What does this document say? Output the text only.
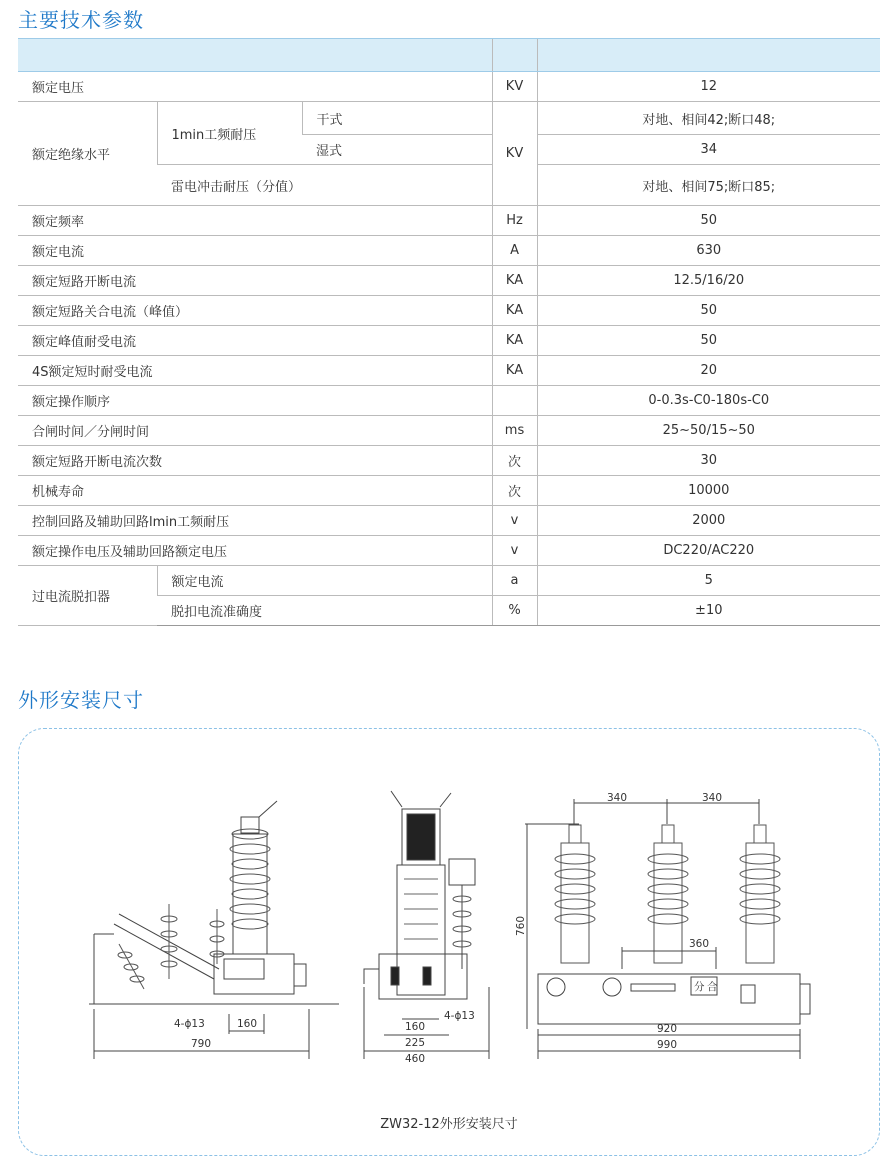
主要技术参数

额定电压			KV	12
额定绝缘水平	1min工频耐压	干式	KV	对地、相间42;断口48;
		湿式		34
	雷电冲击耐压（分值）			对地、相间75;断口85;
额定频率			Hz	50
额定电流			A	630
额定短路开断电流			KA	12.5/16/20
额定短路关合电流（峰值）			KA	50
额定峰值耐受电流			KA	50
4S额定短时耐受电流			KA	20
额定操作顺序				0-0.3s-C0-180s-C0
合闸时间／分闸时间			ms	25~50/15~50
额定短路开断电流次数			次	30
机械寿命			次	10000
控制回路及辅助回路lmin工频耐压			v	2000
额定操作电压及辅助回路额定电压			v	DC220/AC220
过电流脱扣器	额定电流		a	5
	脱扣电流准确度		%	±10
外形安装尺寸
4-ϕ13	160
790
160
4-ϕ13
225
460
340	340
760
360
分 合
920
990
ZW32-12外形安装尺寸
